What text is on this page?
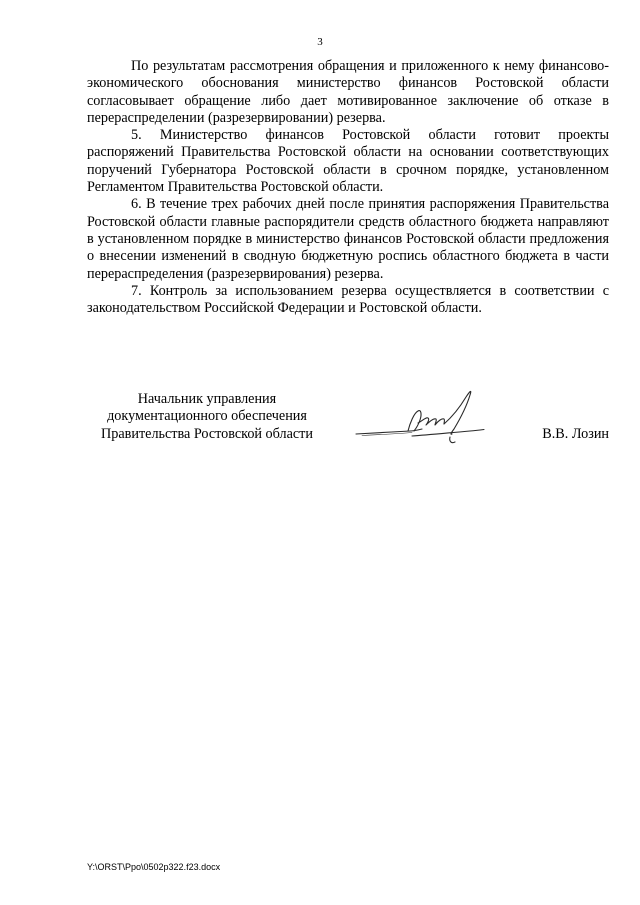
3

По результатам рассмотрения обращения и приложенного к нему финансово-экономического обоснования министерство финансов Ростовской области согласовывает обращение либо дает мотивированное заключение об отказе в перераспределении (разрезервировании) резерва.

5. Министерство финансов Ростовской области готовит проекты распоряжений Правительства Ростовской области на основании соответствующих поручений Губернатора Ростовской области в срочном порядке, установленном Регламентом Правительства Ростовской области.

6. В течение трех рабочих дней после принятия распоряжения Правительства Ростовской области главные распорядители средств областного бюджета направляют в установленном порядке в министерство финансов Ростовской области предложения о внесении изменений в сводную бюджетную роспись областного бюджета в части перераспределения (разрезервирования) резерва.

7. Контроль за использованием резерва осуществляется в соответствии с законодательством Российской Федерации и Ростовской области.

Начальник управления
документационного обеспечения
Правительства Ростовской области	В.В. Лозин
Y:\ORST\Ppo\0502p322.f23.docx
